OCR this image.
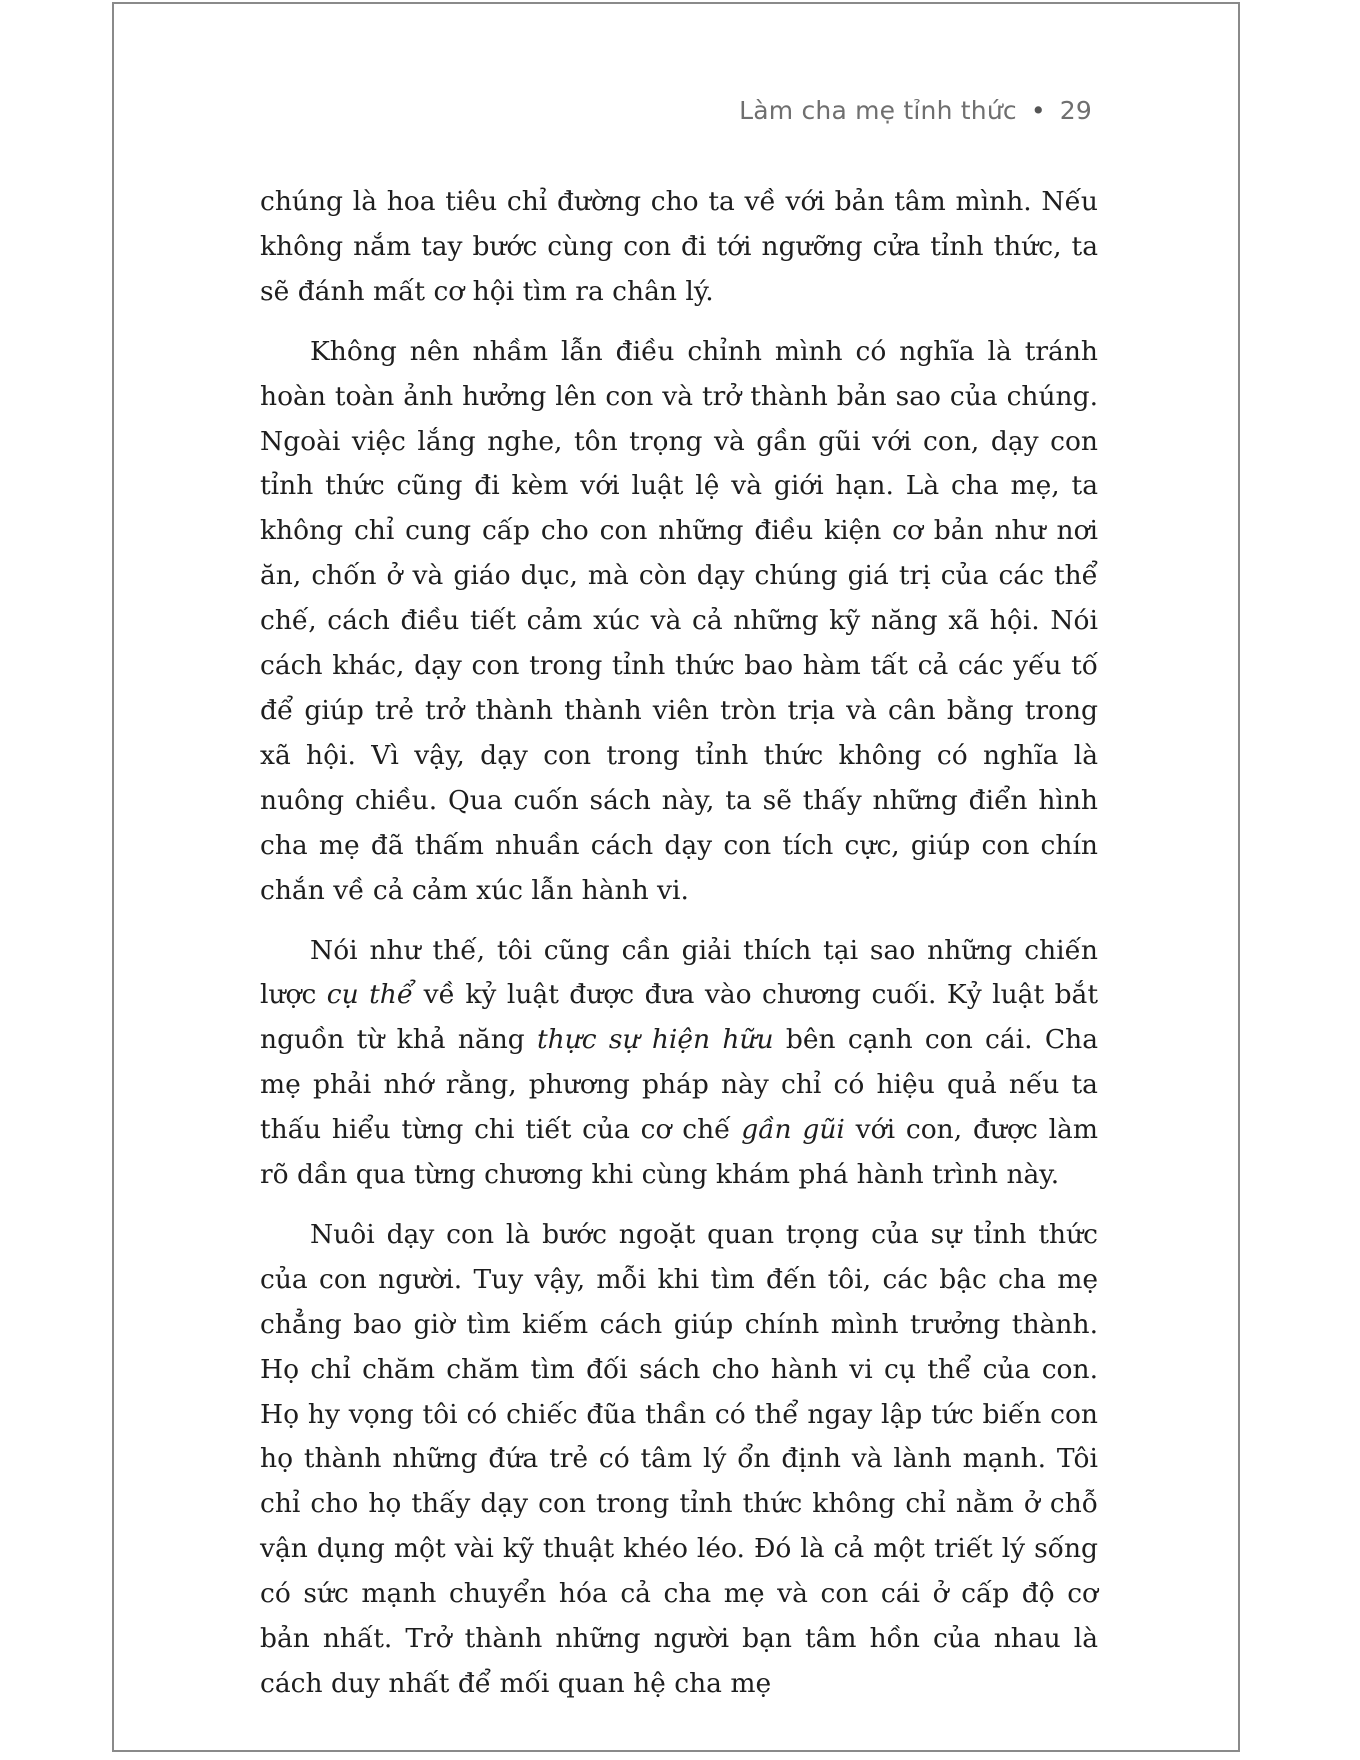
Làm cha mẹ tỉnh thức • 29

chúng là hoa tiêu chỉ đường cho ta về với bản tâm mình. Nếu không nắm tay bước cùng con đi tới ngưỡng cửa tỉnh thức, ta sẽ đánh mất cơ hội tìm ra chân lý.

Không nên nhầm lẫn điều chỉnh mình có nghĩa là tránh hoàn toàn ảnh hưởng lên con và trở thành bản sao của chúng. Ngoài việc lắng nghe, tôn trọng và gần gũi với con, dạy con tỉnh thức cũng đi kèm với luật lệ và giới hạn. Là cha mẹ, ta không chỉ cung cấp cho con những điều kiện cơ bản như nơi ăn, chốn ở và giáo dục, mà còn dạy chúng giá trị của các thể chế, cách điều tiết cảm xúc và cả những kỹ năng xã hội. Nói cách khác, dạy con trong tỉnh thức bao hàm tất cả các yếu tố để giúp trẻ trở thành thành viên tròn trịa và cân bằng trong xã hội. Vì vậy, dạy con trong tỉnh thức không có nghĩa là nuông chiều. Qua cuốn sách này, ta sẽ thấy những điển hình cha mẹ đã thấm nhuần cách dạy con tích cực, giúp con chín chắn về cả cảm xúc lẫn hành vi.

Nói như thế, tôi cũng cần giải thích tại sao những chiến lược cụ thể về kỷ luật được đưa vào chương cuối. Kỷ luật bắt nguồn từ khả năng thực sự hiện hữu bên cạnh con cái. Cha mẹ phải nhớ rằng, phương pháp này chỉ có hiệu quả nếu ta thấu hiểu từng chi tiết của cơ chế gần gũi với con, được làm rõ dần qua từng chương khi cùng khám phá hành trình này.

Nuôi dạy con là bước ngoặt quan trọng của sự tỉnh thức của con người. Tuy vậy, mỗi khi tìm đến tôi, các bậc cha mẹ chẳng bao giờ tìm kiếm cách giúp chính mình trưởng thành. Họ chỉ chăm chăm tìm đối sách cho hành vi cụ thể của con. Họ hy vọng tôi có chiếc đũa thần có thể ngay lập tức biến con họ thành những đứa trẻ có tâm lý ổn định và lành mạnh. Tôi chỉ cho họ thấy dạy con trong tỉnh thức không chỉ nằm ở chỗ vận dụng một vài kỹ thuật khéo léo. Đó là cả một triết lý sống có sức mạnh chuyển hóa cả cha mẹ và con cái ở cấp độ cơ bản nhất. Trở thành những người bạn tâm hồn của nhau là cách duy nhất để mối quan hệ cha mẹ
